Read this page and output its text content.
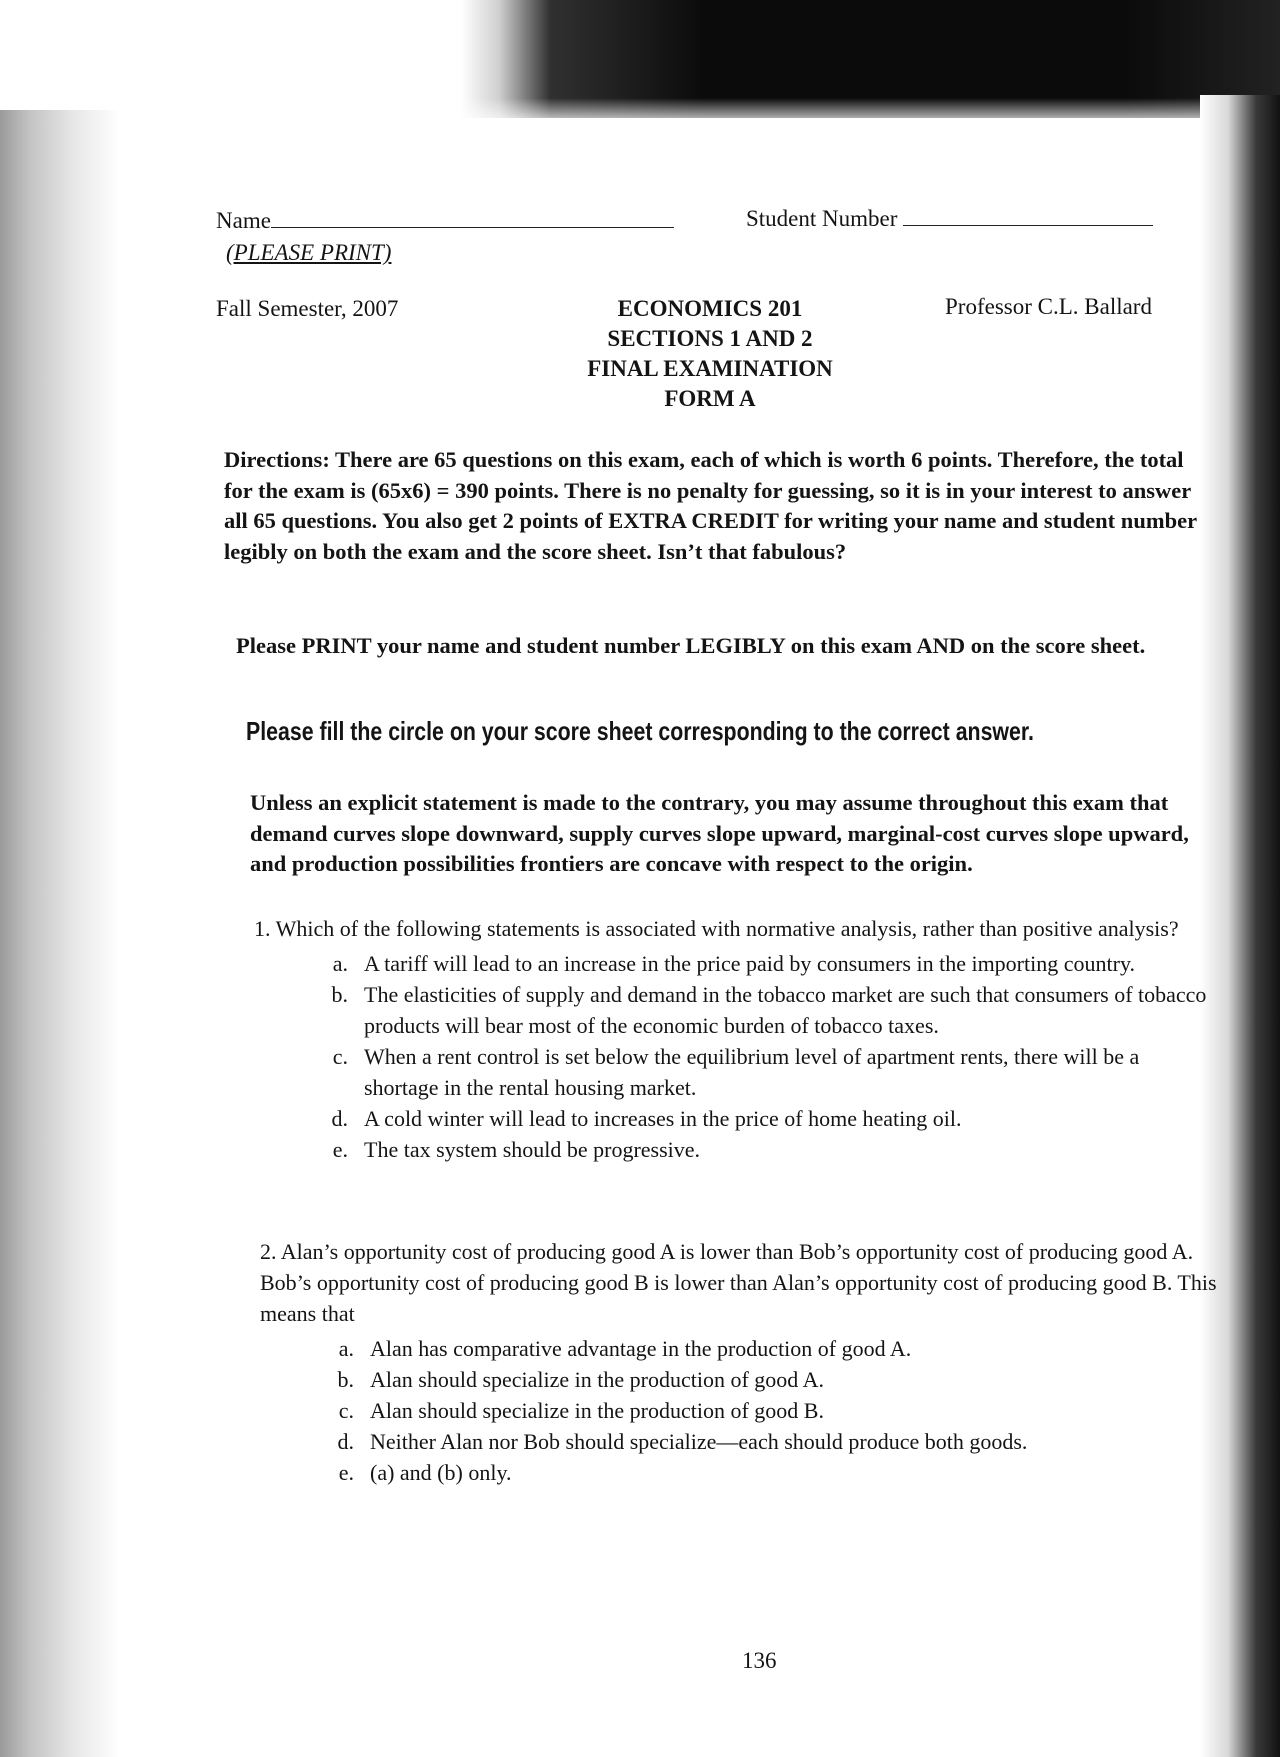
Name
(PLEASE PRINT)
Student Number
Fall Semester, 2007	Professor C.L. Ballard
ECONOMICS 201
SECTIONS 1 AND 2
FINAL EXAMINATION
FORM A
Directions: There are 65 questions on this exam, each of which is worth 6 points. Therefore, the total for the exam is (65x6) = 390 points. There is no penalty for guessing, so it is in your interest to answer all 65 questions. You also get 2 points of EXTRA CREDIT for writing your name and student number legibly on both the exam and the score sheet. Isn’t that fabulous?
Please PRINT your name and student number LEGIBLY on this exam AND on the score sheet.
Please fill the circle on your score sheet corresponding to the correct answer.
Unless an explicit statement is made to the contrary, you may assume throughout this exam that demand curves slope downward, supply curves slope upward, marginal-cost curves slope upward, and production possibilities frontiers are concave with respect to the origin.

1. Which of the following statements is associated with normative analysis, rather than positive analysis?

a. A tariff will lead to an increase in the price paid by consumers in the importing country.

b. The elasticities of supply and demand in the tobacco market are such that consumers of tobacco products will bear most of the economic burden of tobacco taxes.

c. When a rent control is set below the equilibrium level of apartment rents, there will be a shortage in the rental housing market.

d. A cold winter will lead to increases in the price of home heating oil.

e. The tax system should be progressive.

2. Alan’s opportunity cost of producing good A is lower than Bob’s opportunity cost of producing good A. Bob’s opportunity cost of producing good B is lower than Alan’s opportunity cost of producing good B. This means that

a. Alan has comparative advantage in the production of good A.

b. Alan should specialize in the production of good A.

c. Alan should specialize in the production of good B.

d. Neither Alan nor Bob should specialize—each should produce both goods.

e. (a) and (b) only.

136
